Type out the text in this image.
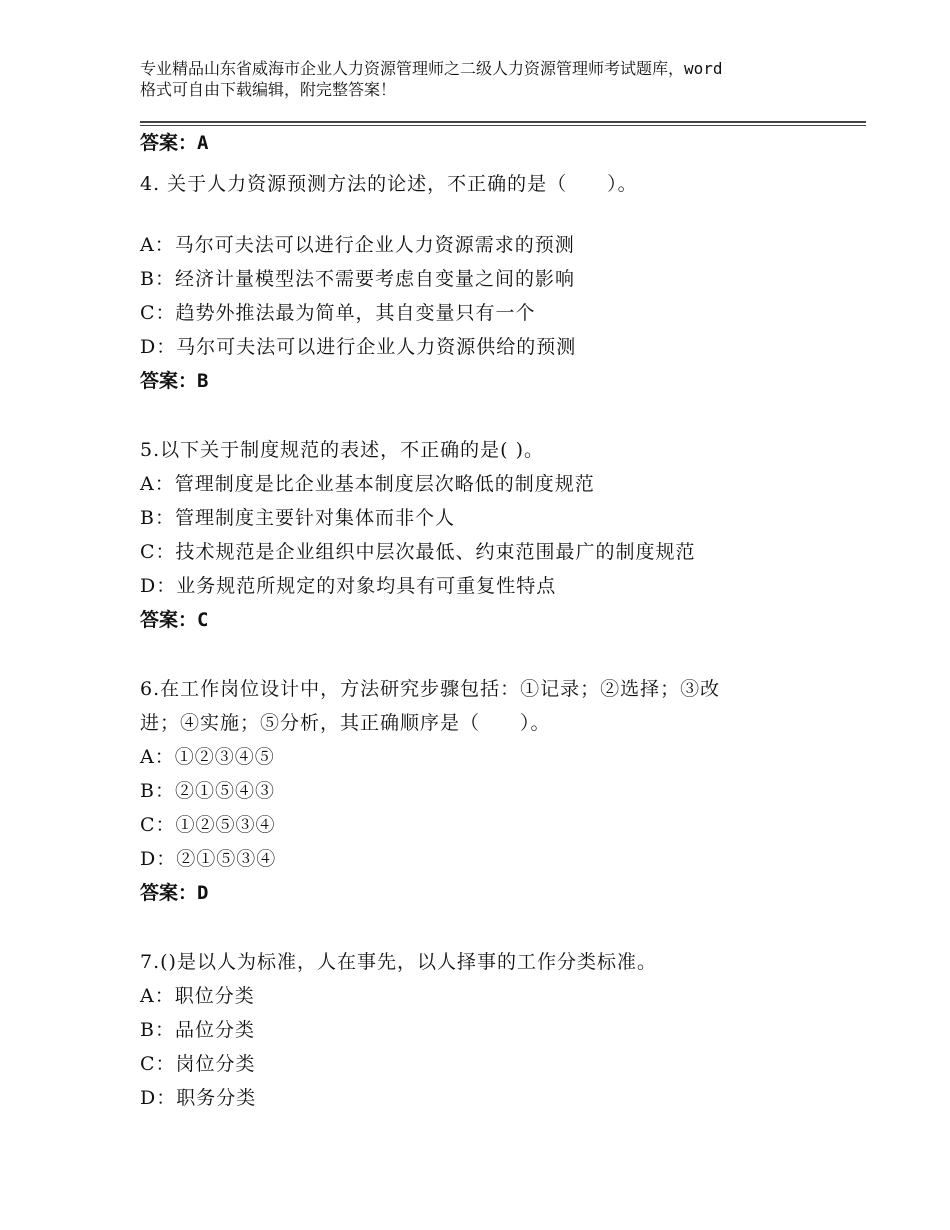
专业精品山东省威海市企业人力资源管理师之二级人力资源管理师考试题库，word
格式可自由下载编辑，附完整答案！
答案：A
4. 关于人力资源预测方法的论述，不正确的是（　　）。
A：马尔可夫法可以进行企业人力资源需求的预测
B：经济计量模型法不需要考虑自变量之间的影响
C：趋势外推法最为简单，其自变量只有一个
D：马尔可夫法可以进行企业人力资源供给的预测
答案：B
5.以下关于制度规范的表述，不正确的是( )。
A：管理制度是比企业基本制度层次略低的制度规范
B：管理制度主要针对集体而非个人
C：技术规范是企业组织中层次最低、约束范围最广的制度规范
D：业务规范所规定的对象均具有可重复性特点
答案：C
6.在工作岗位设计中，方法研究步骤包括：①记录；②选择；③改
进；④实施；⑤分析，其正确顺序是（　　）。
A：①②③④⑤
B：②①⑤④③
C：①②⑤③④
D：②①⑤③④
答案：D
7.()是以人为标准，人在事先，以人择事的工作分类标准。
A：职位分类
B：品位分类
C：岗位分类
D：职务分类
